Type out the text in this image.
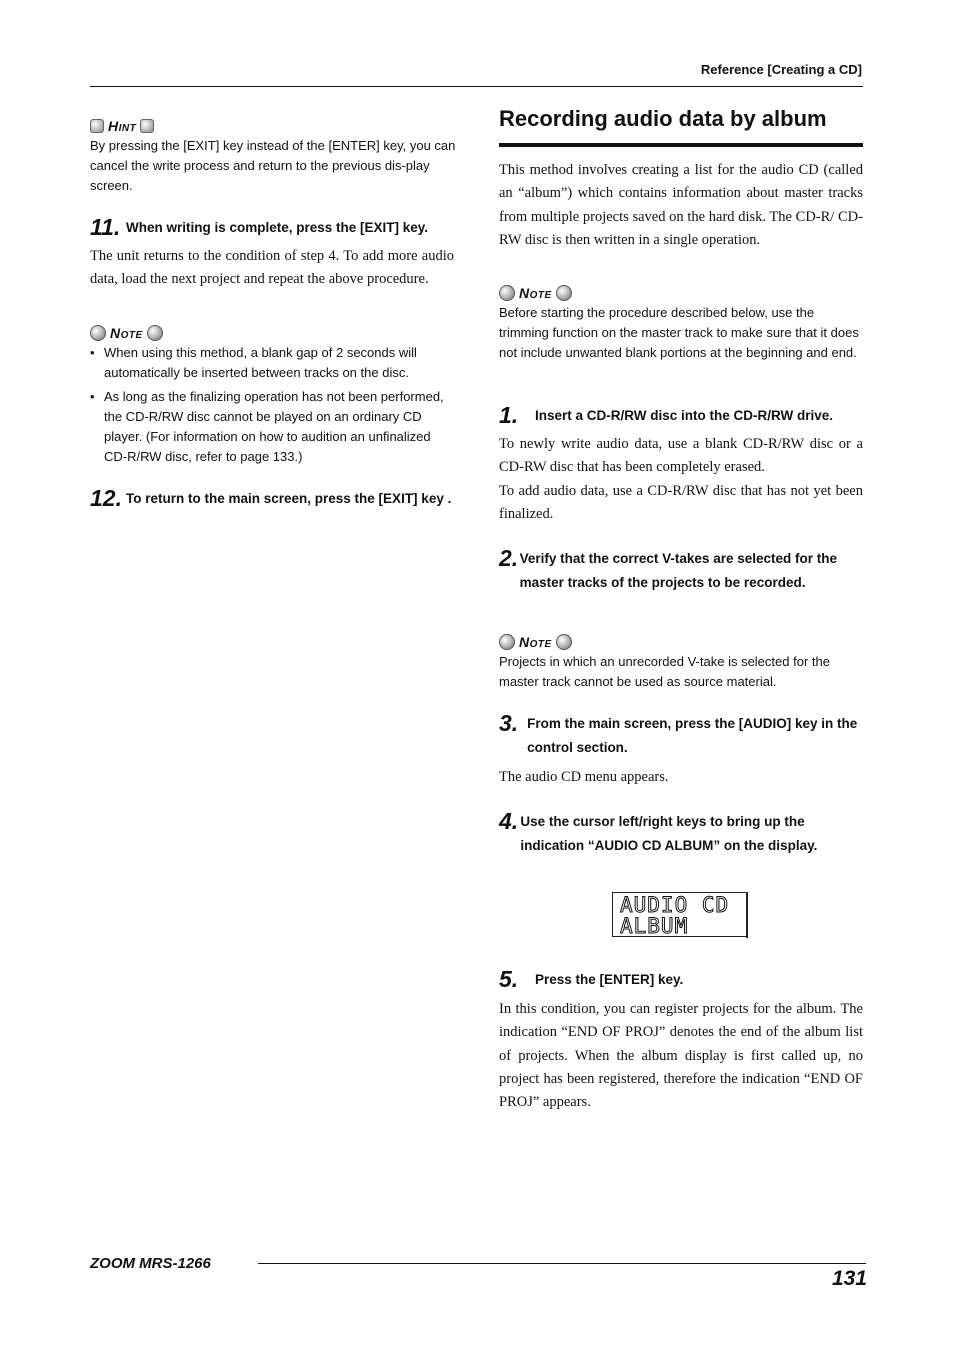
Reference [Creating a CD]
Hint
By pressing the [EXIT] key instead of the [ENTER] key, you can cancel the write process and return to the previous dis-play screen.
11. When writing is complete, press the [EXIT] key.
The unit returns to the condition of step 4. To add more audio data, load the next project and repeat the above procedure.
Note
• When using this method, a blank gap of 2 seconds will automatically be inserted between tracks on the disc.
• As long as the finalizing operation has not been performed, the CD-R/RW disc cannot be played on an ordinary CD player. (For information on how to audition an unfinalized CD-R/RW disc, refer to page 133.)
12. To return to the main screen, press the [EXIT] key .
Recording audio data by album
This method involves creating a list for the audio CD (called an “album”) which contains information about master tracks from multiple projects saved on the hard disk. The CD-R/ CD-RW disc is then written in a single operation.
Note
Before starting the procedure described below, use the trimming function on the master track to make sure that it does not include unwanted blank portions at the beginning and end.
1.	Insert a CD-R/RW disc into the CD-R/RW drive.
To newly write audio data, use a blank CD-R/RW disc or a CD-RW disc that has been completely erased.
To add audio data, use a CD-R/RW disc that has not yet been finalized.
2. Verify that the correct V-takes are selected for the master tracks of the projects to be recorded.
Note
Projects in which an unrecorded V-take is selected for the master track cannot be used as source material.
3. From the main screen, press the [AUDIO] key in the control section.
The audio CD menu appears.
4. Use the cursor left/right keys to bring up the indication “AUDIO CD ALBUM” on the display.
AUDIO CD
ALBUM
5.	Press the [ENTER] key.
In this condition, you can register projects for the album. The indication “END OF PROJ” denotes the end of the album list of projects. When the album display is first called up, no project has been registered, therefore the indication “END OF PROJ” appears.
ZOOM MRS-1266
131
